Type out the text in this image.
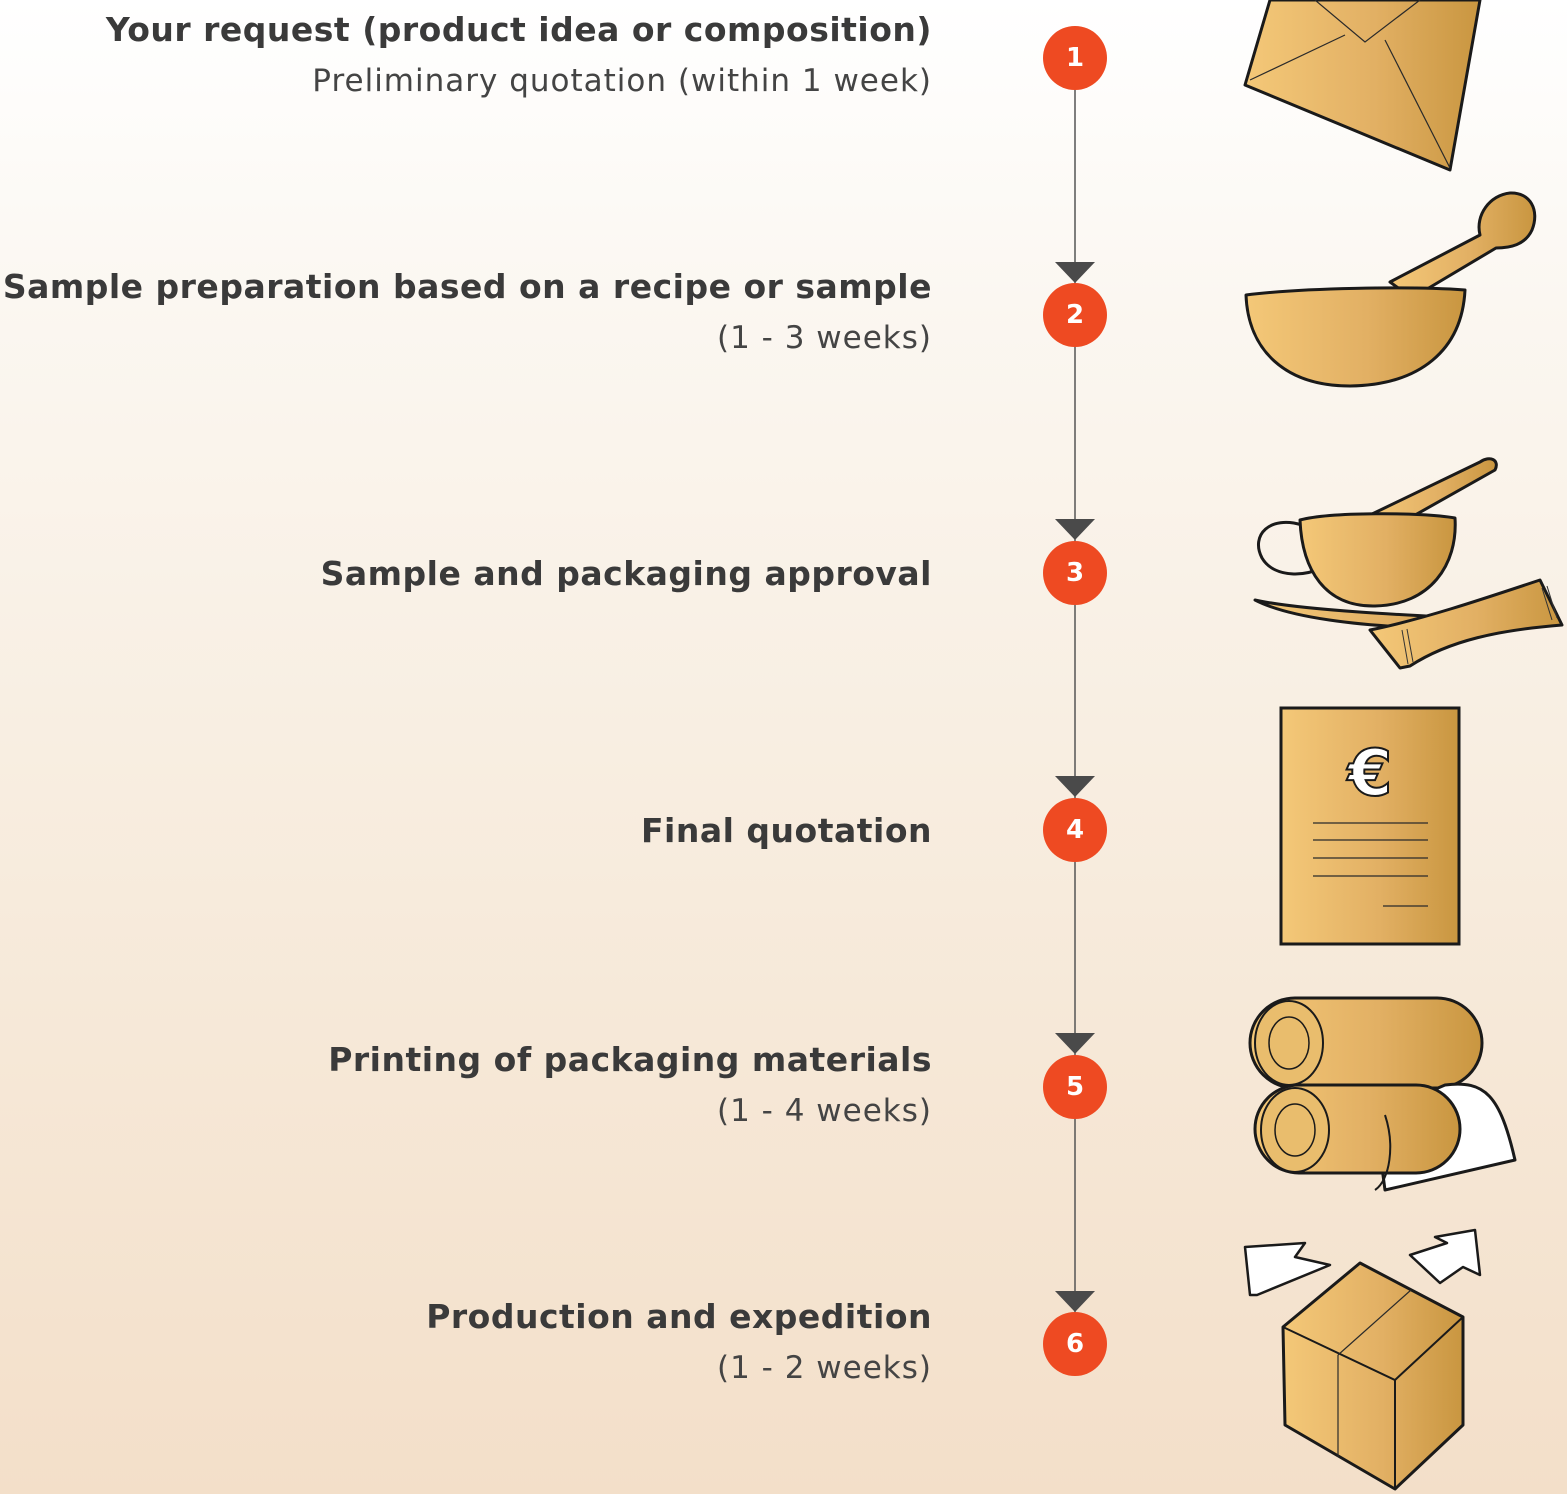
Your request (product idea or composition)
Preliminary quotation (within 1 week)
1
Sample preparation based on a recipe or sample
(1 - 3 weeks)
2
Sample and packaging approval	3
Final quotation	4
Printing of packaging materials
(1 - 4 weeks)
5
Production and expedition
(1 - 2 weeks)
6
€
